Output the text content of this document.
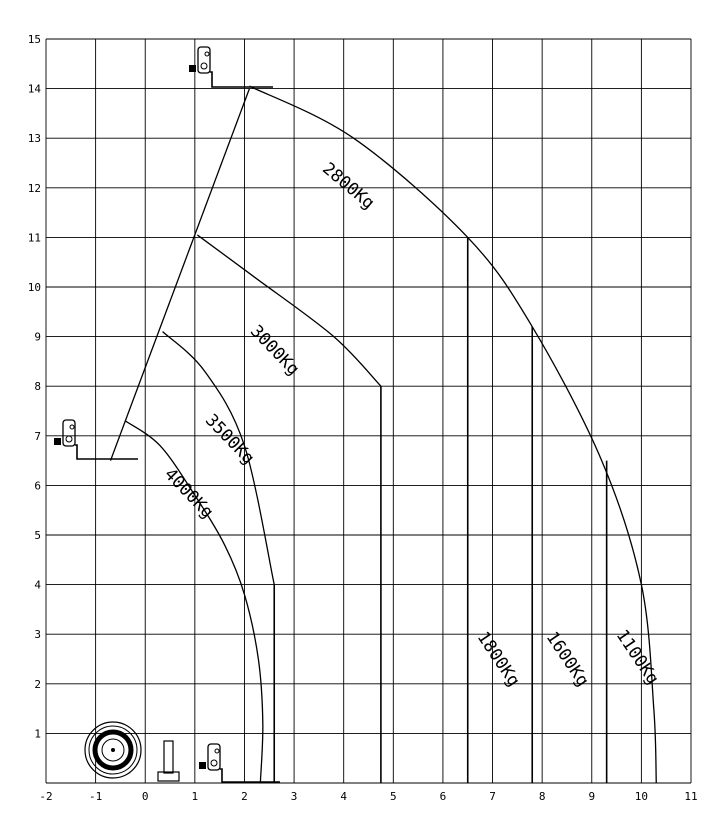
-2	-1	0	1	2	3	4	5	6	7	8	9	10	11
1
2
3
4
5
6
7
8
9
10
11
12
13
14
15
4000Kg
3500Kg
3000Kg
2800Kg
1800Kg 1600Kg 1100Kg
